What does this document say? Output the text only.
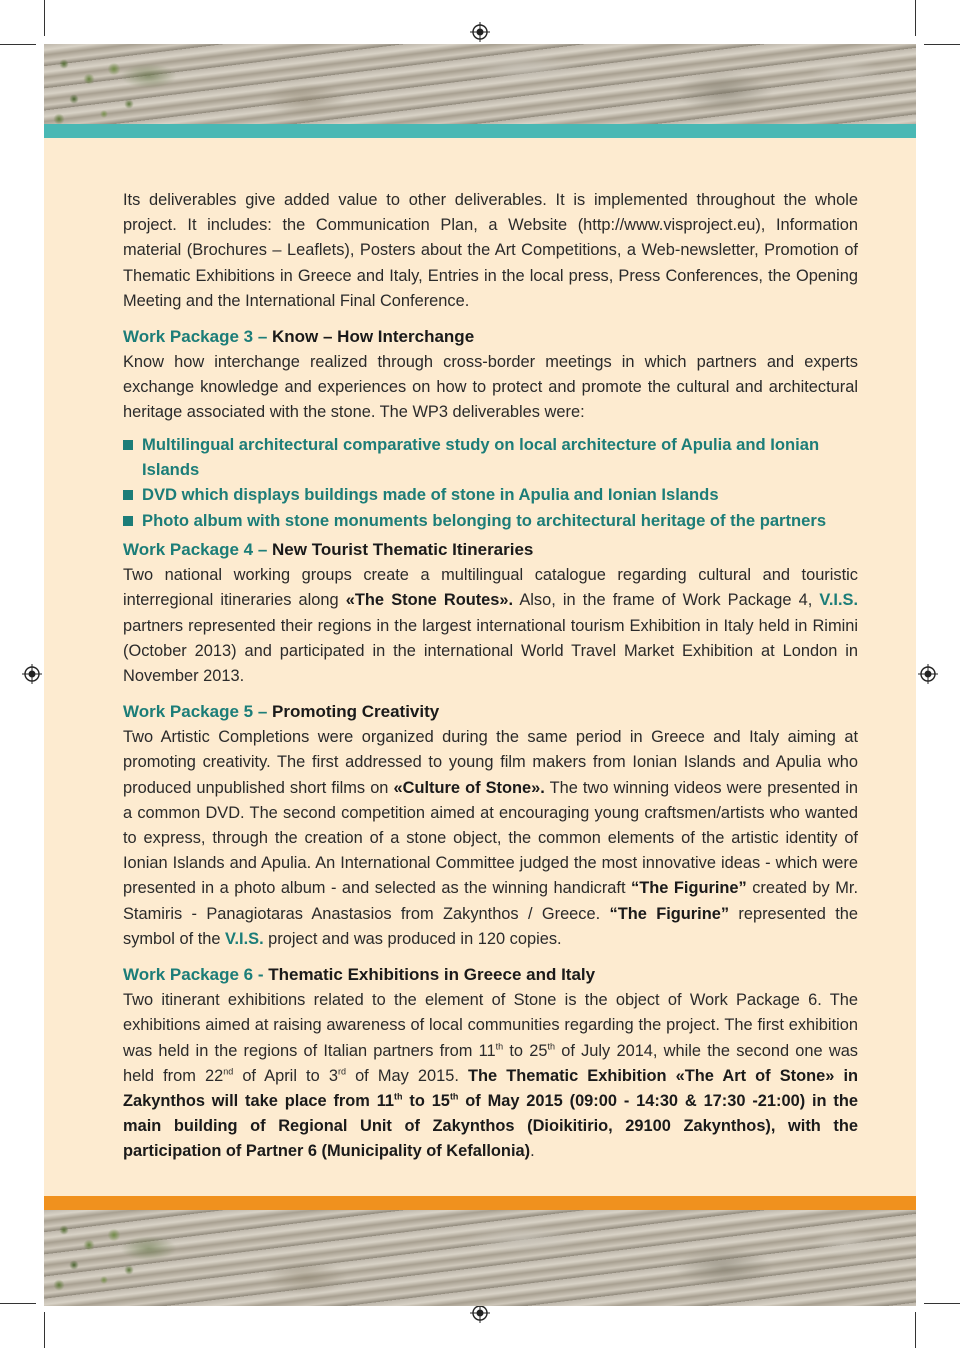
Its deliverables give added value to other deliverables. It is implemented throughout the whole project. It includes: the Communication Plan, a Website (http://www.visproject.eu), Information material (Brochures – Leaflets), Posters about the Art Competitions, a Web-newsletter, Promotion of Thematic Exhibitions in Greece and Italy, Entries in the local press, Press Conferences, the Opening Meeting and the International Final Conference.

Work Package 3 – Know – How Interchange

Know how interchange realized through cross-border meetings in which partners and experts exchange knowledge and experiences on how to protect and promote the cultural and architectural heritage associated with the stone. The WP3 deliverables were:

Multilingual architectural comparative study on local architecture of Apulia and Ionian Islands
DVD which displays buildings made of stone in Apulia and Ionian Islands
Photo album with stone monuments belonging to architectural heritage of the partners
Work Package 4 – New Tourist Thematic Itineraries

Two national working groups create a multilingual catalogue regarding cultural and touristic interregional itineraries along «The Stone Routes». Also, in the frame of Work Package 4, V.I.S. partners represented their regions in the largest international tourism Exhibition in Italy held in Rimini (October 2013) and participated in the international World Travel Market Exhibition at London in November 2013.

Work Package 5 – Promoting Creativity

Two Artistic Completions were organized during the same period in Greece and Italy aiming at promoting creativity. The first addressed to young film makers from Ionian Islands and Apulia who produced unpublished short films on «Culture of Stone». The two winning videos were presented in a common DVD. The second competition aimed at encouraging young craftsmen/artists who wanted to express, through the creation of a stone object, the common elements of the artistic identity of Ionian Islands and Apulia. An International Committee judged the most innovative ideas - which were presented in a photo album - and selected as the winning handicraft “The Figurine” created by Mr. Stamiris - Panagiotaras Anastasios from Zakynthos / Greece. “The Figurine” represented the symbol of the V.I.S. project and was produced in 120 copies.

Work Package 6 - Thematic Exhibitions in Greece and Italy

Two itinerant exhibitions related to the element of Stone is the object of Work Package 6. The exhibitions aimed at raising awareness of local communities regarding the project. The first exhibition was held in the regions of Italian partners from 11th to 25th of July 2014, while the second one was held from 22nd of April to 3rd of May 2015. The Thematic Exhibition «The Art of Stone» in Zakynthos will take place from 11th to 15th of May 2015 (09:00 - 14:30 & 17:30 -21:00) in the main building of Regional Unit of Zakynthos (Dioikitirio, 29100 Zakynthos), with the participation of Partner 6 (Municipality of Kefallonia).
